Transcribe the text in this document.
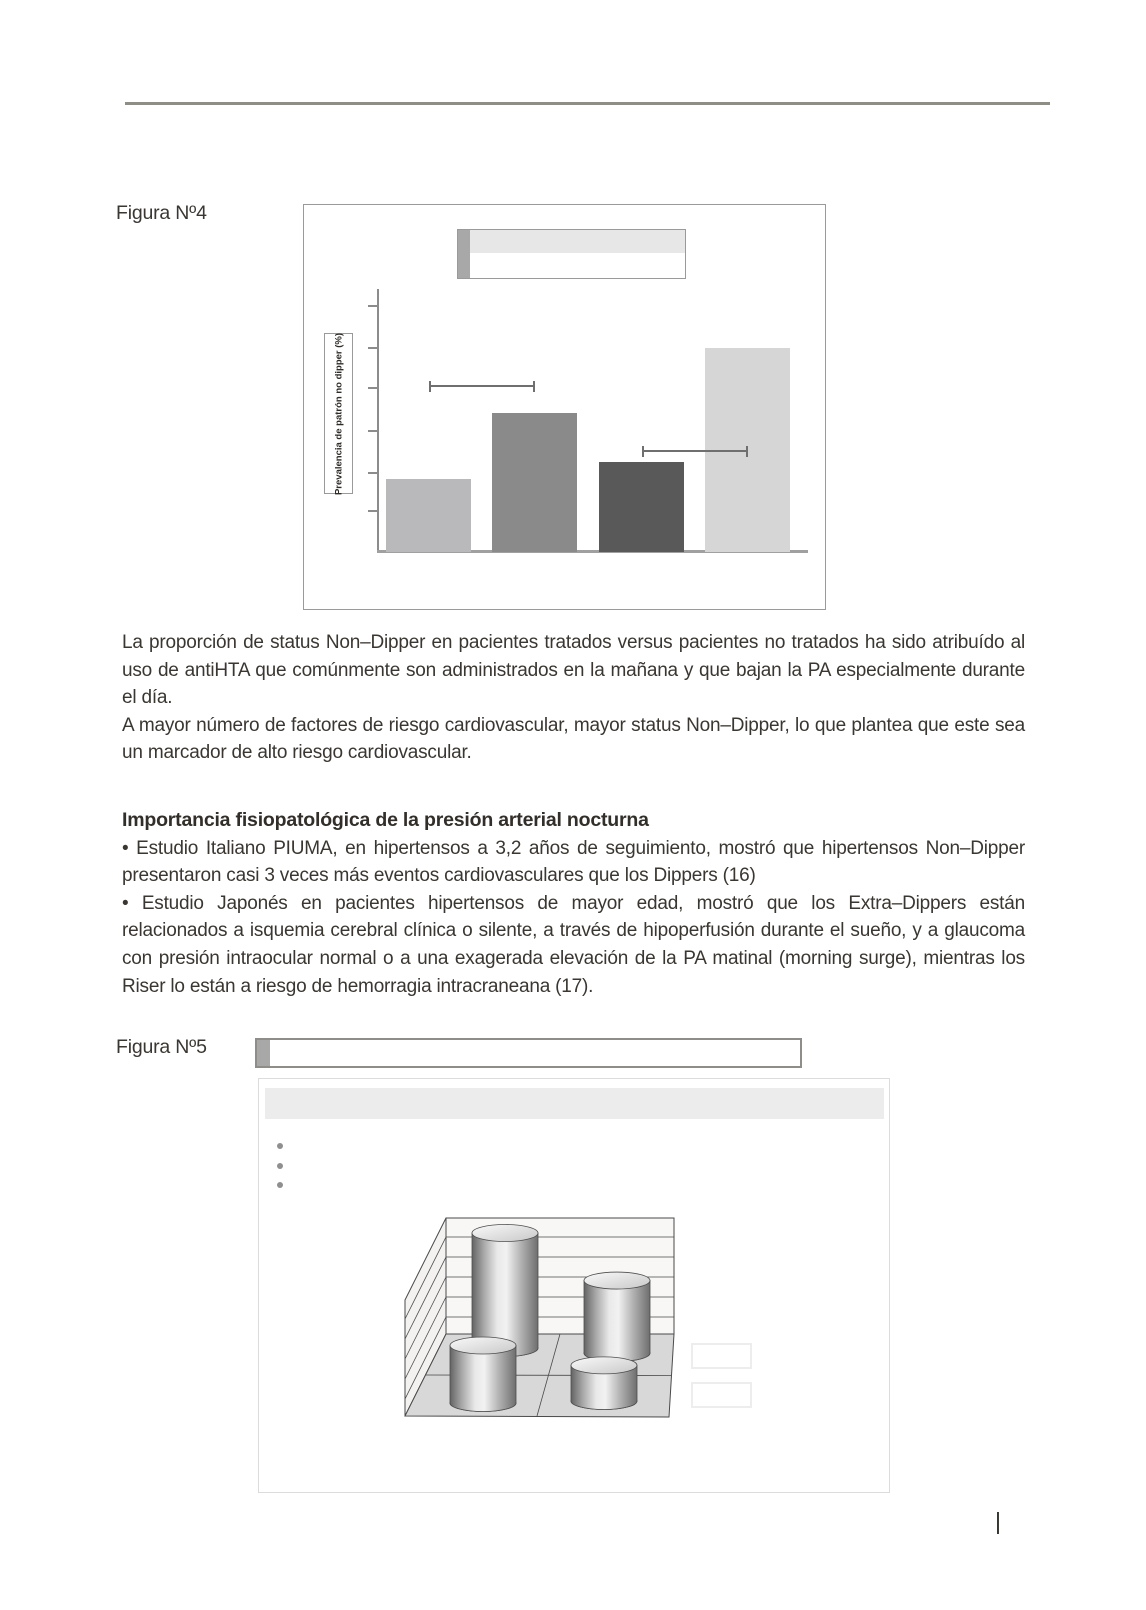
Figura Nº4
Prevalencia de patrón no dipper (%)

La proporción de status Non–Dipper en pacientes tratados versus pacientes no tratados ha sido atribuído al uso de antiHTA que comúnmente son administrados en la mañana y que bajan la PA especialmente durante el día.

A mayor número de factores de riesgo cardiovascular, mayor status Non–Dipper, lo que plantea que este sea un marcador de alto riesgo cardiovascular.

Importancia fisiopatológica de la presión arterial nocturna

• Estudio Italiano PIUMA, en hipertensos a 3,2 años de seguimiento, mostró que hipertensos Non–Dipper presentaron casi 3 veces más eventos cardiovasculares que los Dippers (16)

• Estudio Japonés en pacientes hipertensos de mayor edad, mostró que los Extra–Dippers están relacionados a isquemia cerebral clínica o silente, a través de hipoperfusión durante el sueño, y a glaucoma con presión intraocular normal o a una exagerada elevación de la PA matinal (morning surge), mientras los Riser lo están a riesgo de hemorragia intracraneana (17).

Figura Nº5
|
